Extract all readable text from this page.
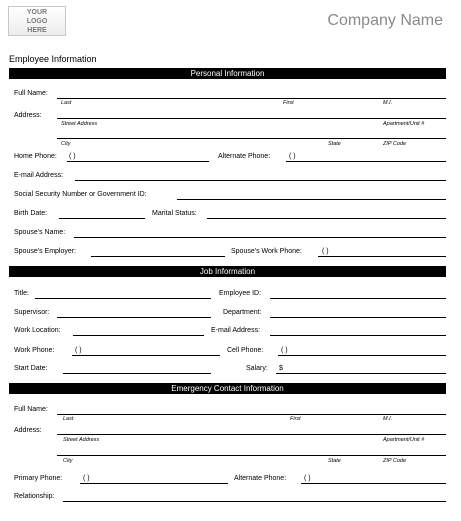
YOUR LOGO HERE
Company Name
Employee Information
Personal Information
Full Name:
Last	First	M.I.
Address:
Street Address	Apartment/Unit #
City	State	ZIP Code
Home Phone: ( )	Alternate Phone:	( )
E-mail Address:
Social Security Number or Government ID:
Birth Date:	Marital Status:
Spouse's Name:
Spouse's Employer:	Spouse's Work Phone:	( )
Job Information
Title:	Employee ID:
Supervisor:	Department:
Work Location:	E-mail Address:
Work Phone:	( )	Cell Phone:	( )
Start Date:	Salary: $
Emergency Contact Information
Full Name:
Last	First	M.I.
Address:
Street Address	Apartment/Unit #
City	State	ZIP Code
Primary Phone:	( )	Alternate Phone:	( )
Relationship:
